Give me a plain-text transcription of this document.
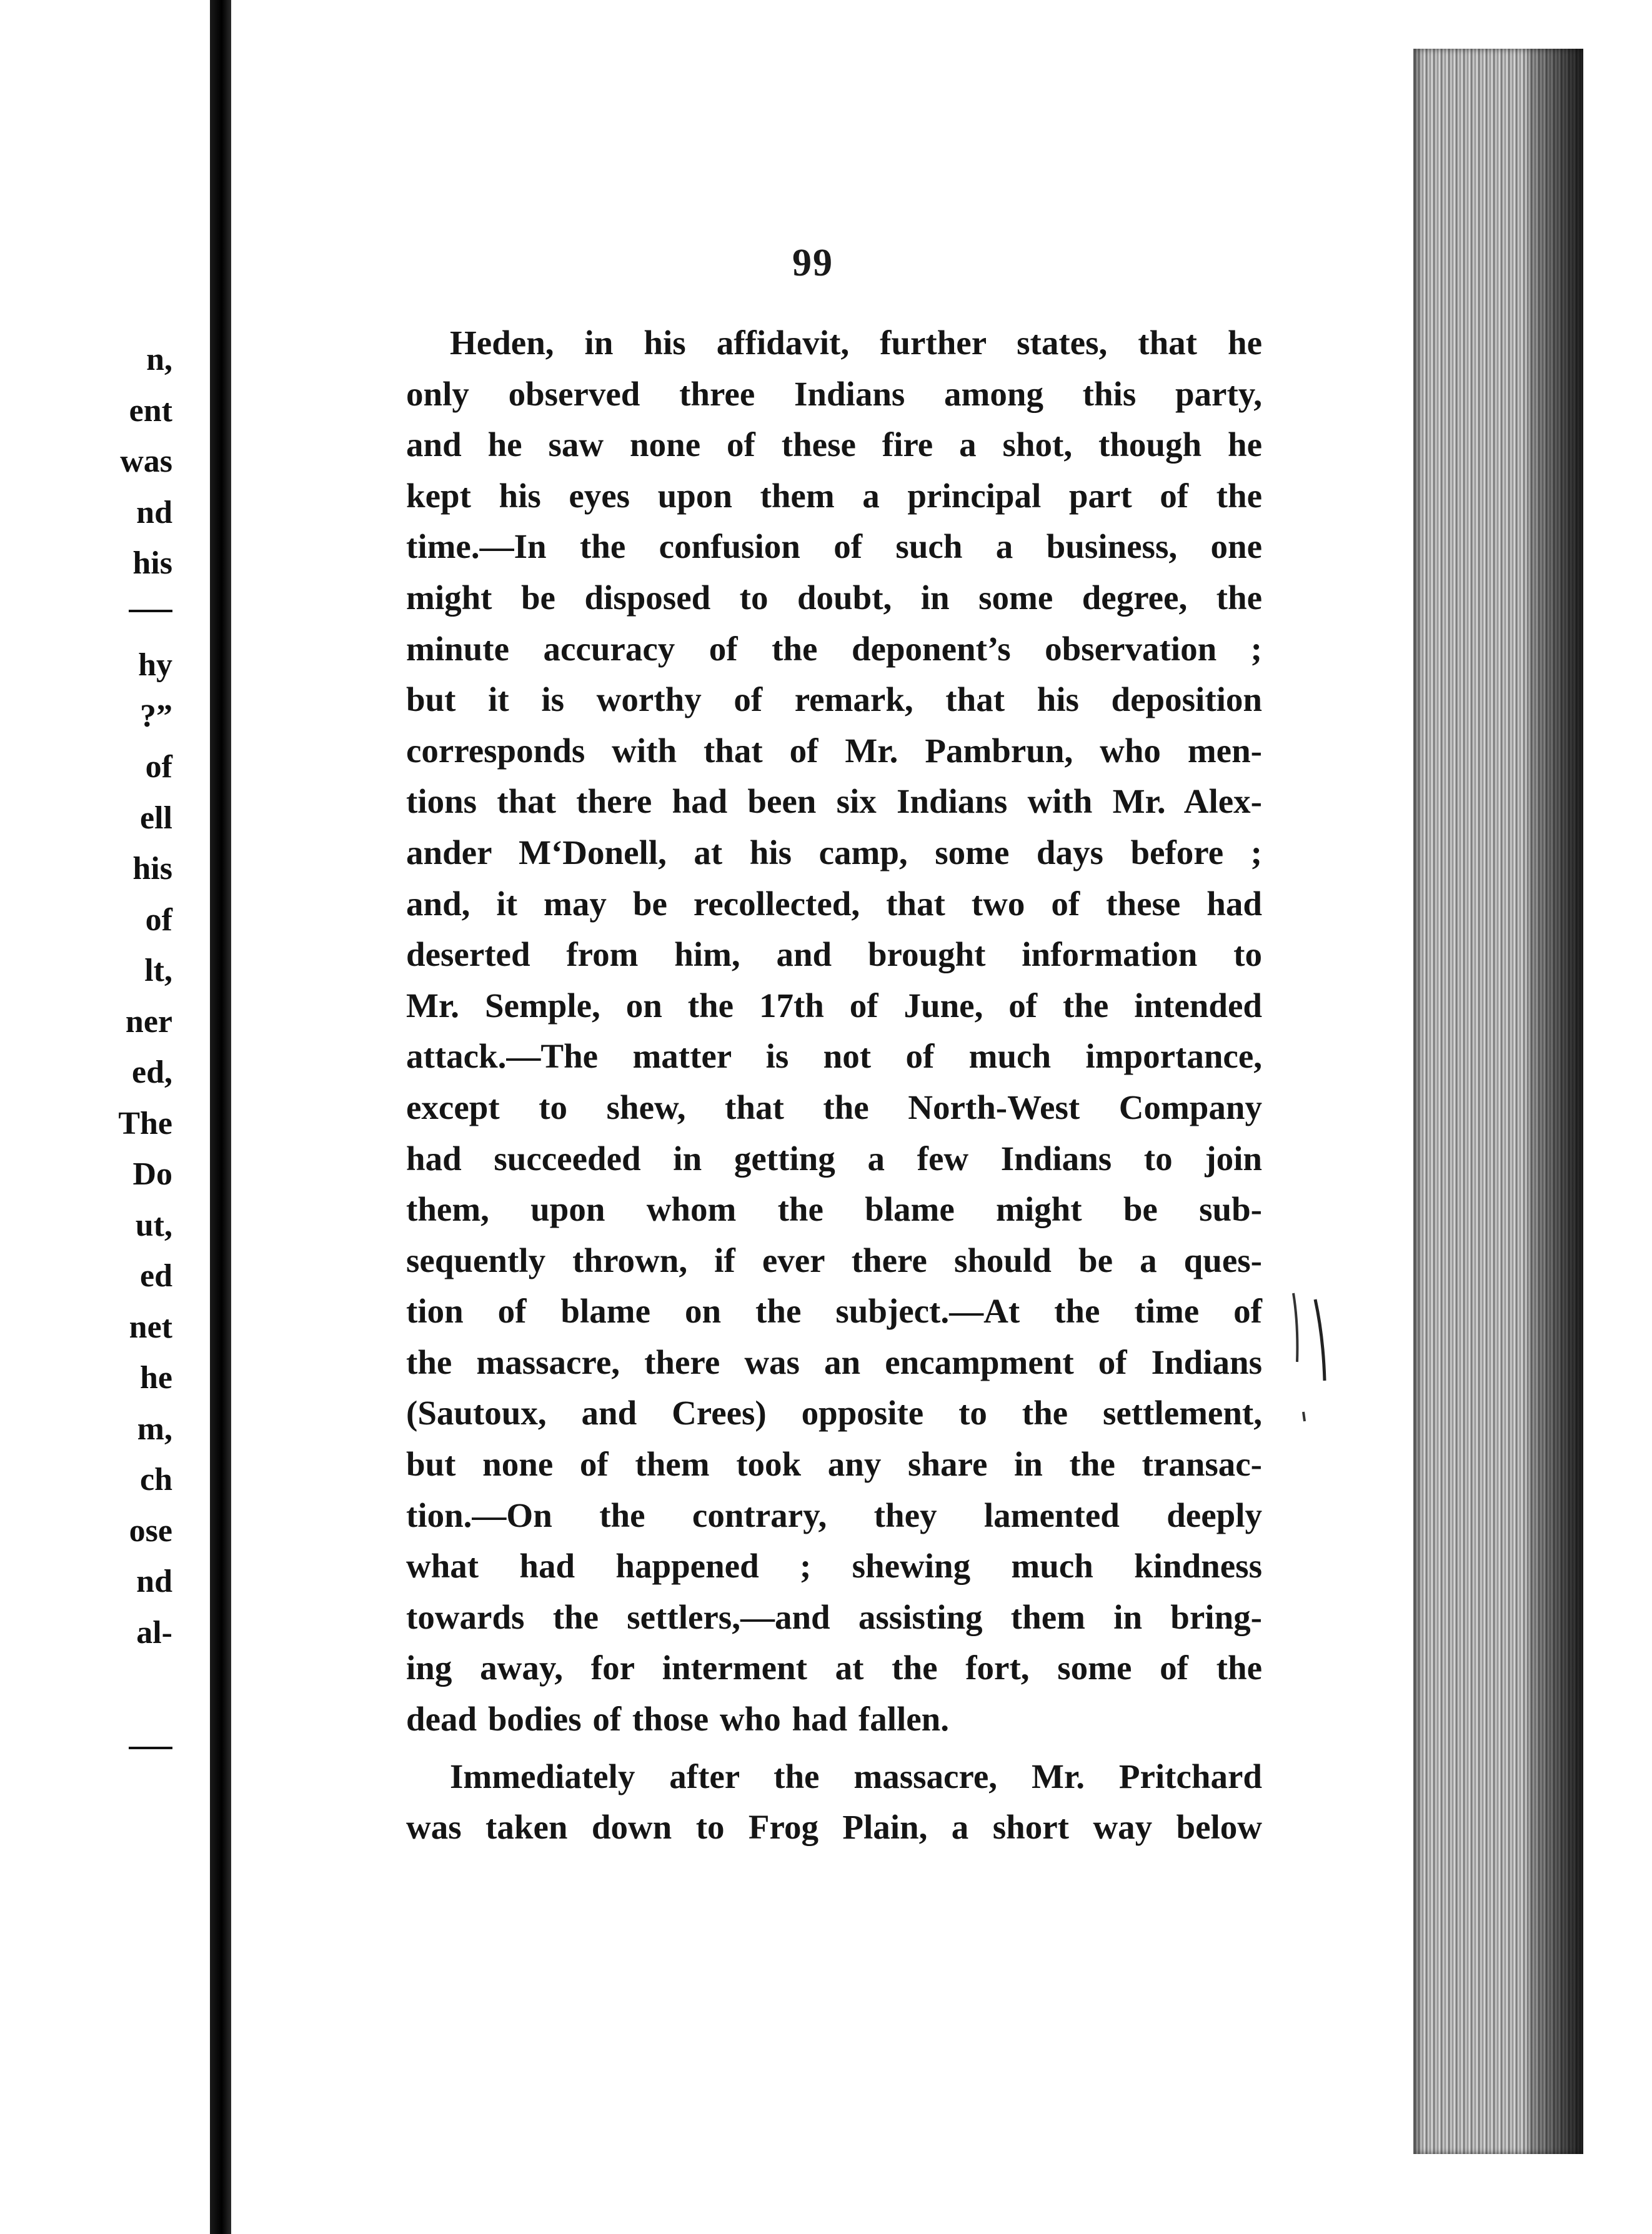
n,
ent
was
nd
his
hy
?”
of
ell
his
of
lt,
ner
ed,
The
Do
ut,
ed
net
he
m,
ch
ose
nd
al-
99
Heden, in his affidavit, further states, that he
only observed three Indians among this party,
and he saw none of these fire a shot, though he
kept his eyes upon them a principal part of the
time.—In the confusion of such a business, one
might be disposed to doubt, in some degree, the
minute accuracy of the deponent’s observation ;
but it is worthy of remark, that his deposition
corresponds with that of Mr. Pambrun, who men-
tions that there had been six Indians with Mr. Alex-
ander M‘Donell, at his camp, some days before ;
and, it may be recollected, that two of these had
deserted from him, and brought information to
Mr. Semple, on the 17th of June, of the intended
attack.—The matter is not of much importance,
except to shew, that the North-West Company
had succeeded in getting a few Indians to join
them, upon whom the blame might be sub-
sequently thrown, if ever there should be a ques-
tion of blame on the subject.—At the time of
the massacre, there was an encampment of Indians
(Sautoux, and Crees) opposite to the settlement,
but none of them took any share in the transac-
tion.—On the contrary, they lamented deeply
what had happened ; shewing much kindness
towards the settlers,—and assisting them in bring-
ing away, for interment at the fort, some of the
dead bodies of those who had fallen.
Immediately after the massacre, Mr. Pritchard
was taken down to Frog Plain, a short way below
